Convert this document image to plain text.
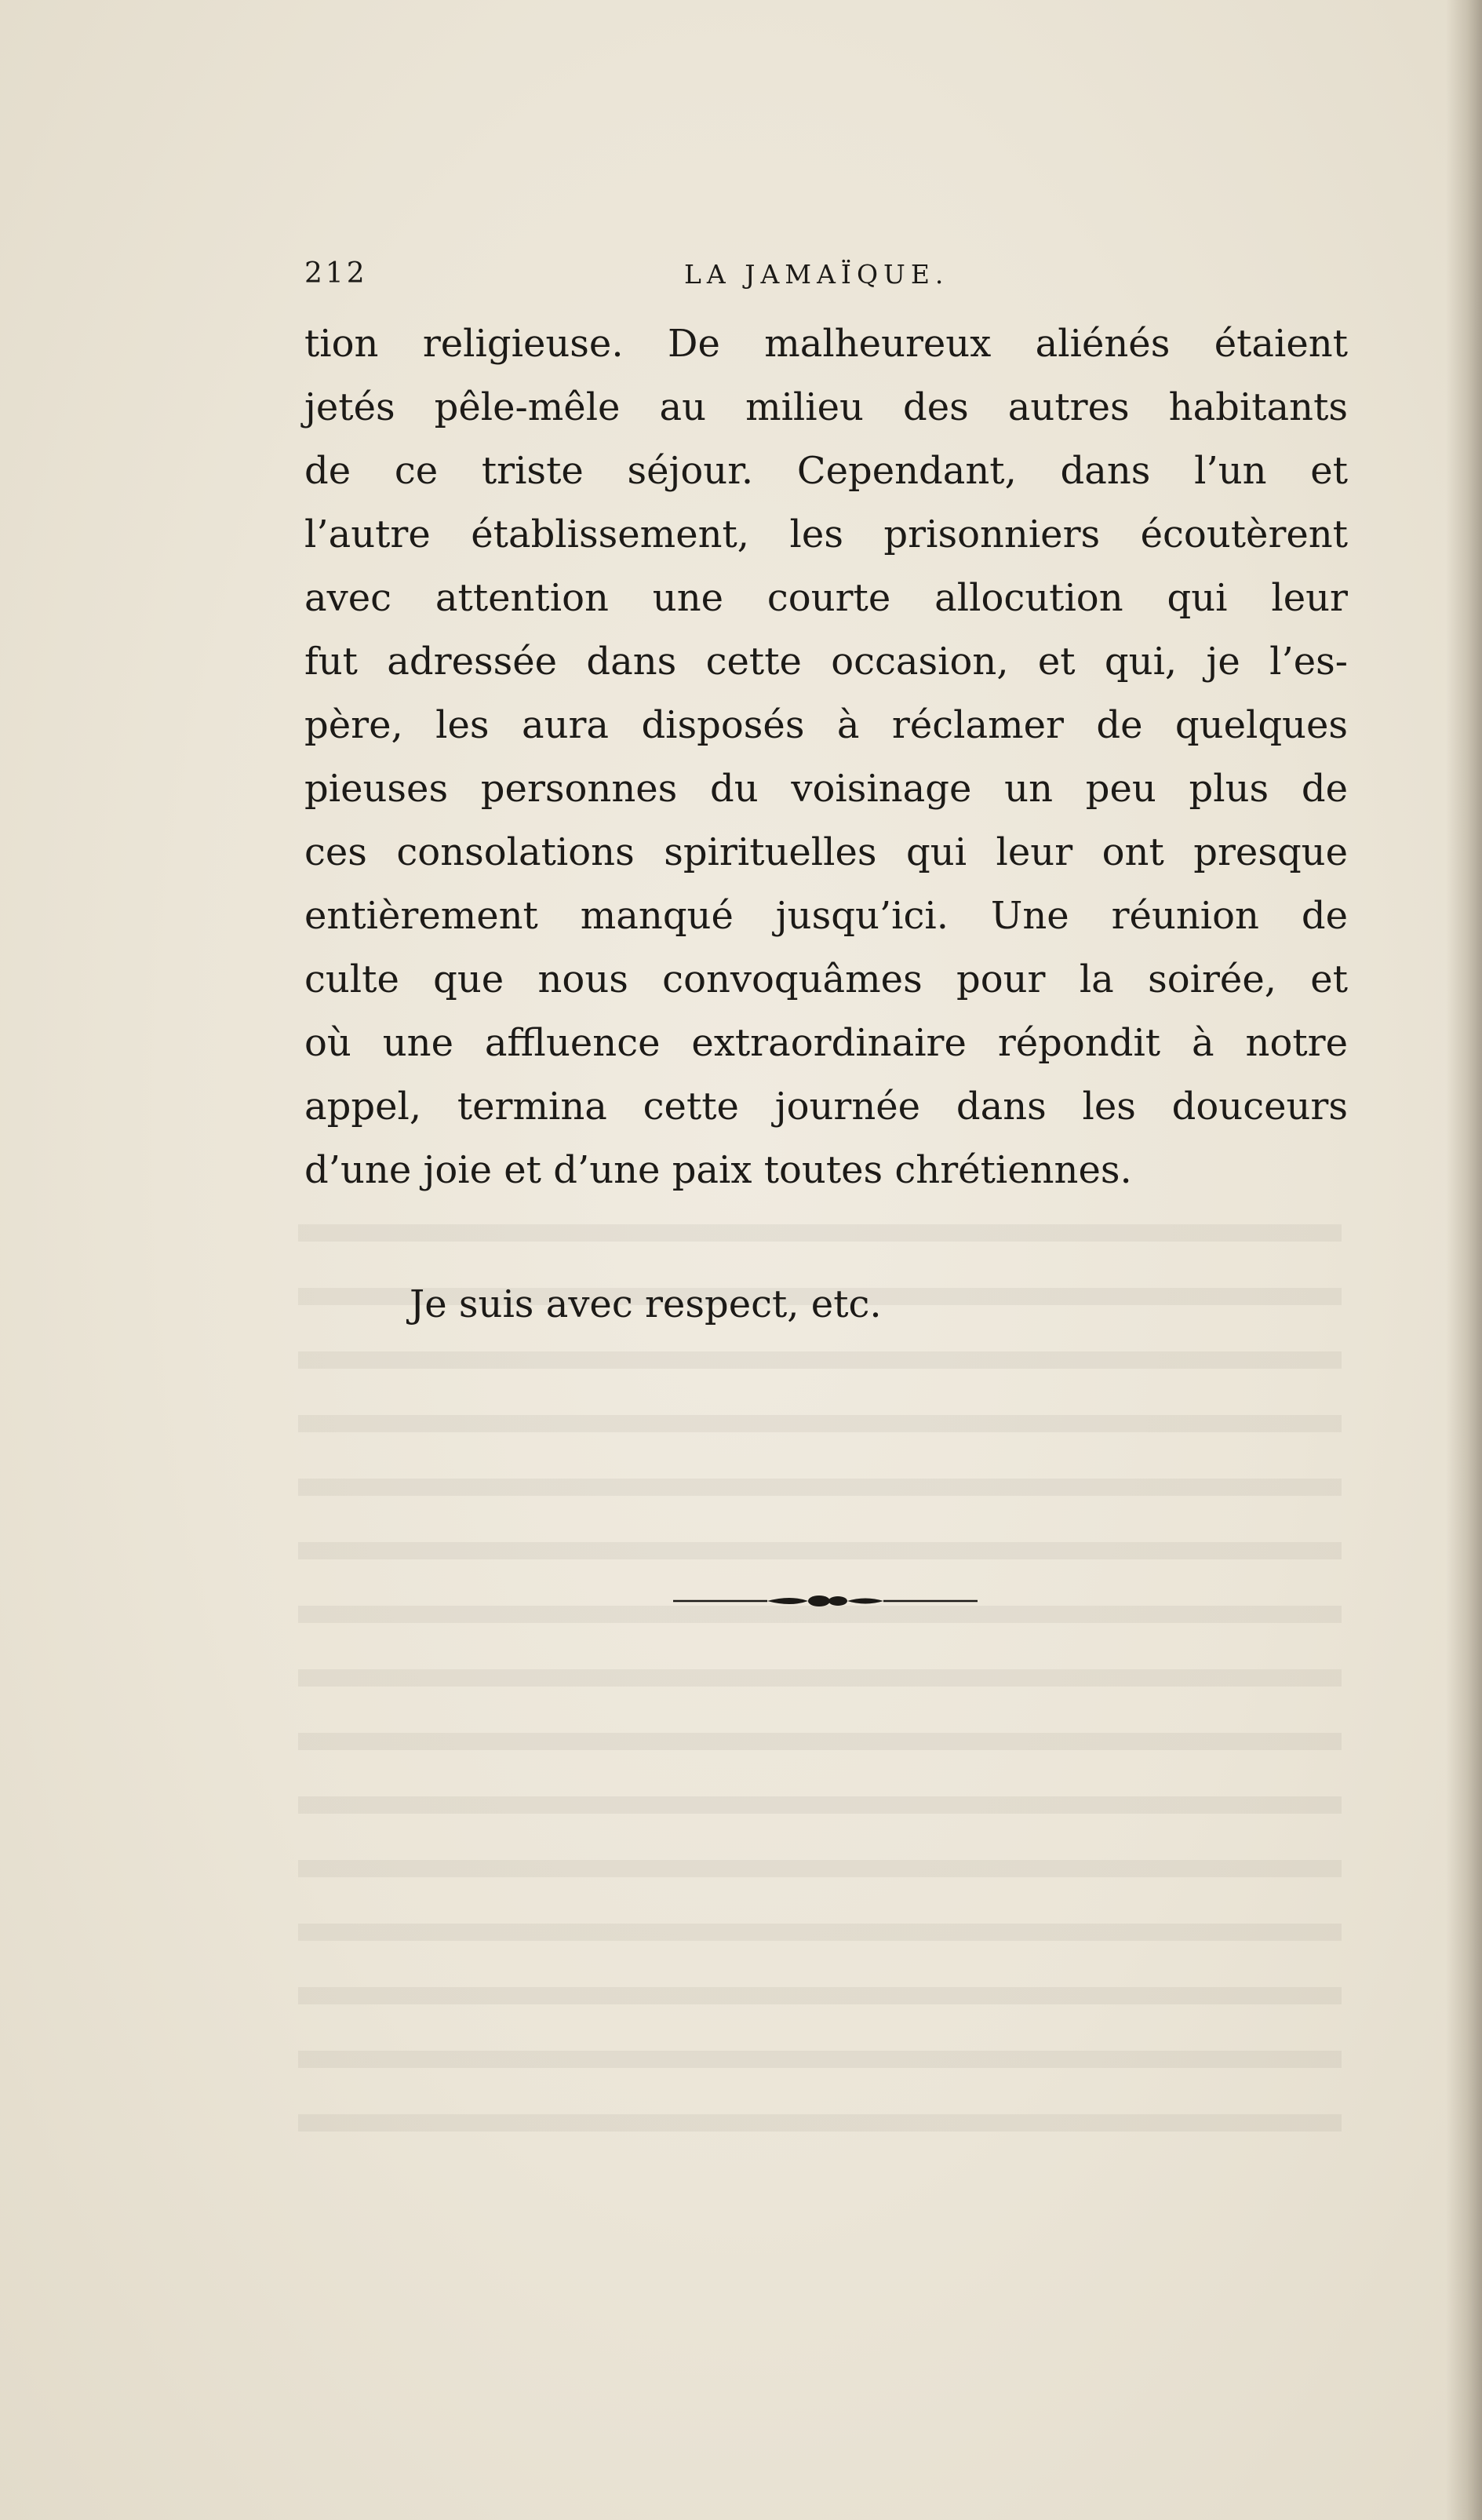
212	LA JAMAÏQUE.
tion religieuse. De malheureux aliénés étaient
jetés pêle-mêle au milieu des autres habitants
de ce triste séjour. Cependant, dans l’un et
l’autre établissement, les prisonniers écoutèrent
avec attention une courte allocution qui leur
fut adressée dans cette occasion, et qui, je l’es-
père, les aura disposés à réclamer de quelques
pieuses personnes du voisinage un peu plus de
ces consolations spirituelles qui leur ont presque
entièrement manqué jusqu’ici. Une réunion de
culte que nous convoquâmes pour la soirée, et
où une affluence extraordinaire répondit à notre
appel, termina cette journée dans les douceurs
d’une joie et d’une paix toutes chrétiennes.
Je suis avec respect, etc.
